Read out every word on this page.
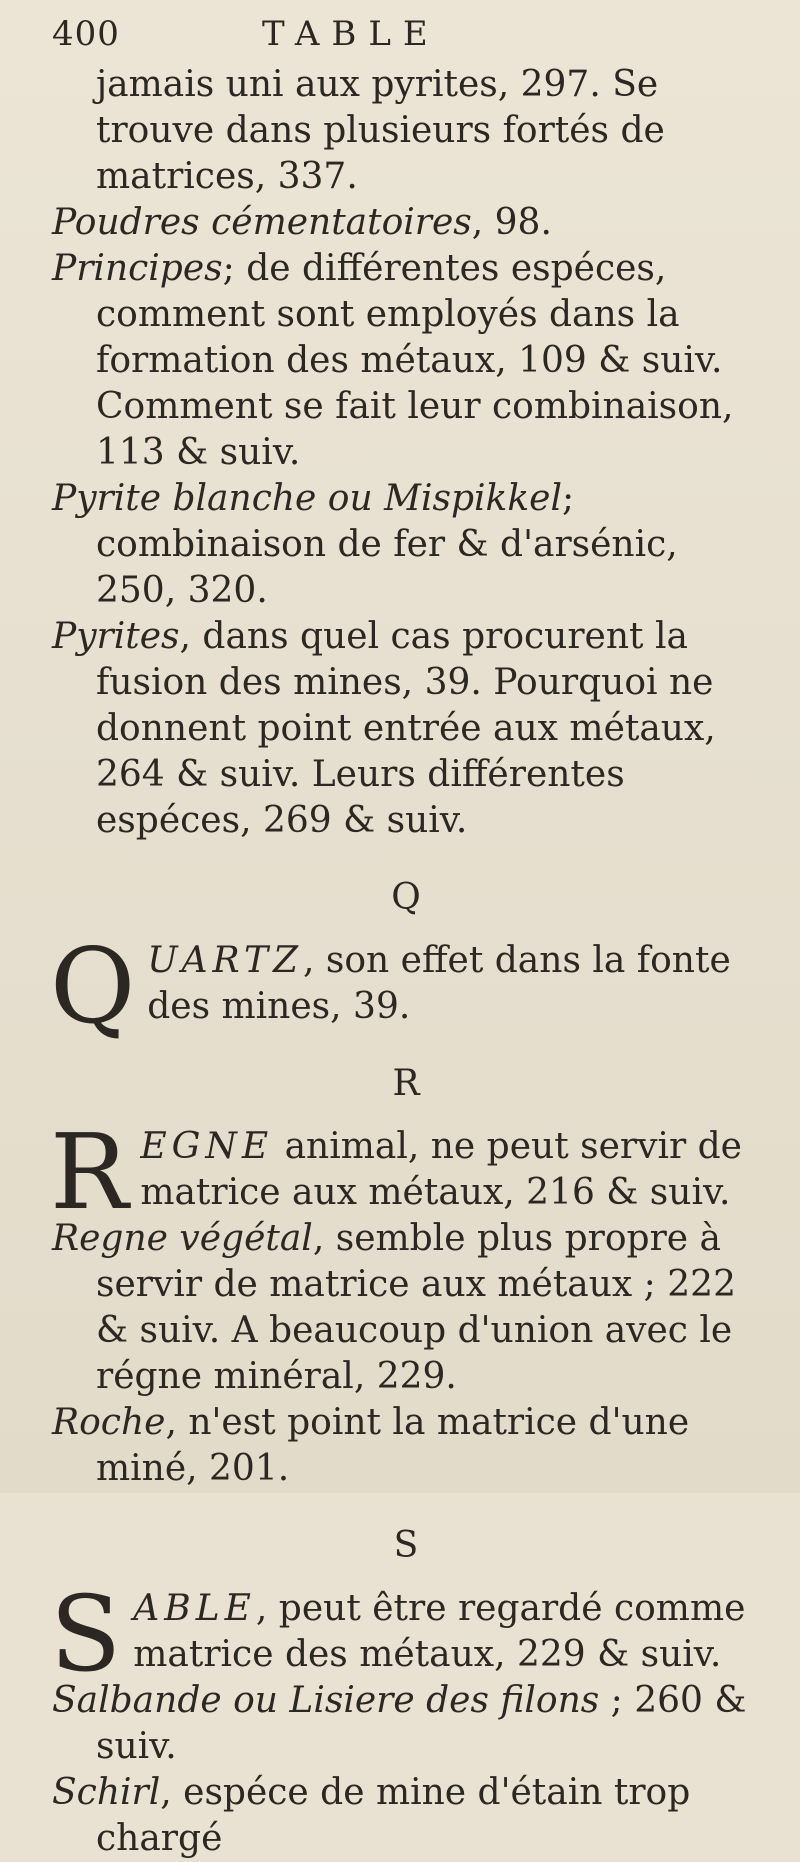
400	TABLE

jamais uni aux pyrites, 297. Se trouve dans plusieurs fortés de matrices, 337.

Poudres cémentatoires, 98.

Principes; de différentes espéces, comment sont employés dans la formation des métaux, 109 & suiv. Comment se fait leur combinaison, 113 & suiv.

Pyrite blanche ou Mispikkel; combinaison de fer & d'arsénic, 250, 320.

Pyrites, dans quel cas procurent la fusion des mines, 39. Pourquoi ne donnent point entrée aux métaux, 264 & suiv. Leurs différentes espéces, 269 & suiv.

Q

QUARTZ, son effet dans la fonte des mines, 39.

R

REGNE animal, ne peut servir de matrice aux métaux, 216 & suiv.

Regne végétal, semble plus propre à servir de matrice aux métaux ; 222 & suiv. A beaucoup d'union avec le régne minéral, 229.

Roche, n'est point la matrice d'une miné, 201.

S

SABLE, peut être regardé comme matrice des métaux, 229 & suiv.

Salbande ou Lisiere des filons ; 260 & suiv.

Schirl, espéce de mine d'étain trop chargé
